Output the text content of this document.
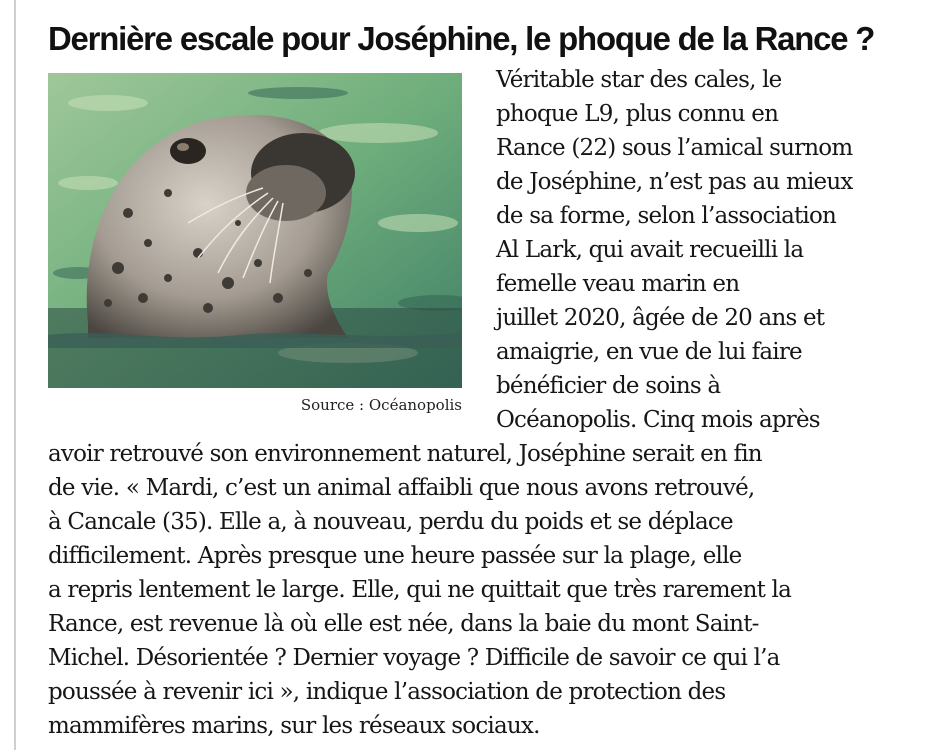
Dernière escale pour Joséphine, le phoque de la Rance ?
Source : Océanopolis

Véritable star des cales, le

phoque L9, plus connu en

Rance (22) sous l’amical surnom

de Joséphine, n’est pas au mieux

de sa forme, selon l’association

Al Lark, qui avait recueilli la

femelle veau marin en

juillet 2020, âgée de 20 ans et

amaigrie, en vue de lui faire

bénéficier de soins à

Océanopolis. Cinq mois après

avoir retrouvé son environnement naturel, Joséphine serait en fin

de vie. « Mardi, c’est un animal affaibli que nous avons retrouvé,

à Cancale (35). Elle a, à nouveau, perdu du poids et se déplace

difficilement. Après presque une heure passée sur la plage, elle

a repris lentement le large. Elle, qui ne quittait que très rarement la

Rance, est revenue là où elle est née, dans la baie du mont Saint-

Michel. Désorientée ? Dernier voyage ? Difficile de savoir ce qui l’a

poussée à revenir ici », indique l’association de protection des

mammifères marins, sur les réseaux sociaux.
